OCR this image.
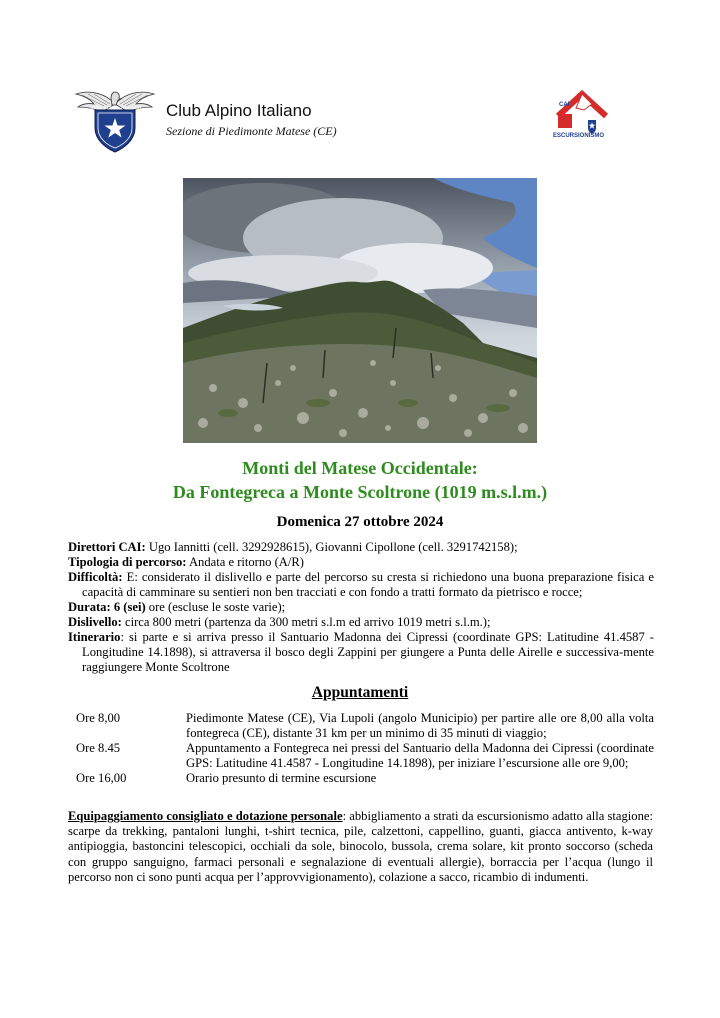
CLUB ALPINO ITALIANO Club Alpino Italiano
Sezione di Piedimonte Matese (CE)
CAI
ESCURSIONISMO
Monti del Matese Occidentale:
Da Fontegreca a Monte Scoltrone (1019 m.s.l.m.)
Domenica 27 ottobre 2024

Direttori CAI: Ugo Iannitti (cell. 3292928615), Giovanni Cipollone (cell. 3291742158);

Tipologia di percorso: Andata e ritorno (A/R)

Difficoltà: E: considerato il dislivello e parte del percorso su cresta si richiedono una buona preparazione fisica e capacità di camminare su sentieri non ben tracciati e con fondo a tratti formato da pietrisco e rocce;

Durata: 6 (sei) ore (escluse le soste varie);

Dislivello: circa 800 metri (partenza da 300 metri s.l.m ed arrivo 1019 metri s.l.m.);

Itinerario: si parte e si arriva presso il Santuario Madonna dei Cipressi (coordinate GPS: Latitudine 41.4587 - Longitudine 14.1898), si attraversa il bosco degli Zappini per giungere a Punta delle Airelle e successiva-mente raggiungere Monte Scoltrone

Appuntamenti
Ore 8,00	Piedimonte Matese (CE), Via Lupoli (angolo Municipio) per partire alle ore 8,00 alla volta fontegreca (CE), distante 31 km per un minimo di 35 minuti di viaggio;
Ore 8.45	Appuntamento a Fontegreca nei pressi del Santuario della Madonna dei Cipressi (coordinate GPS: Latitudine 41.4587 - Longitudine 14.1898), per iniziare l’escursione alle ore 9,00;
Ore 16,00	Orario presunto di termine escursione
Equipaggiamento consigliato e dotazione personale: abbigliamento a strati da escursionismo adatto alla stagione: scarpe da trekking, pantaloni lunghi, t-shirt tecnica, pile, calzettoni, cappellino, guanti, giacca antivento, k-way antipioggia, bastoncini telescopici, occhiali da sole, binocolo, bussola, crema solare, kit pronto soccorso (scheda con gruppo sanguigno, farmaci personali e segnalazione di eventuali allergie), borraccia per l’acqua (lungo il percorso non ci sono punti acqua per l’approvvigionamento), colazione a sacco, ricambio di indumenti.
